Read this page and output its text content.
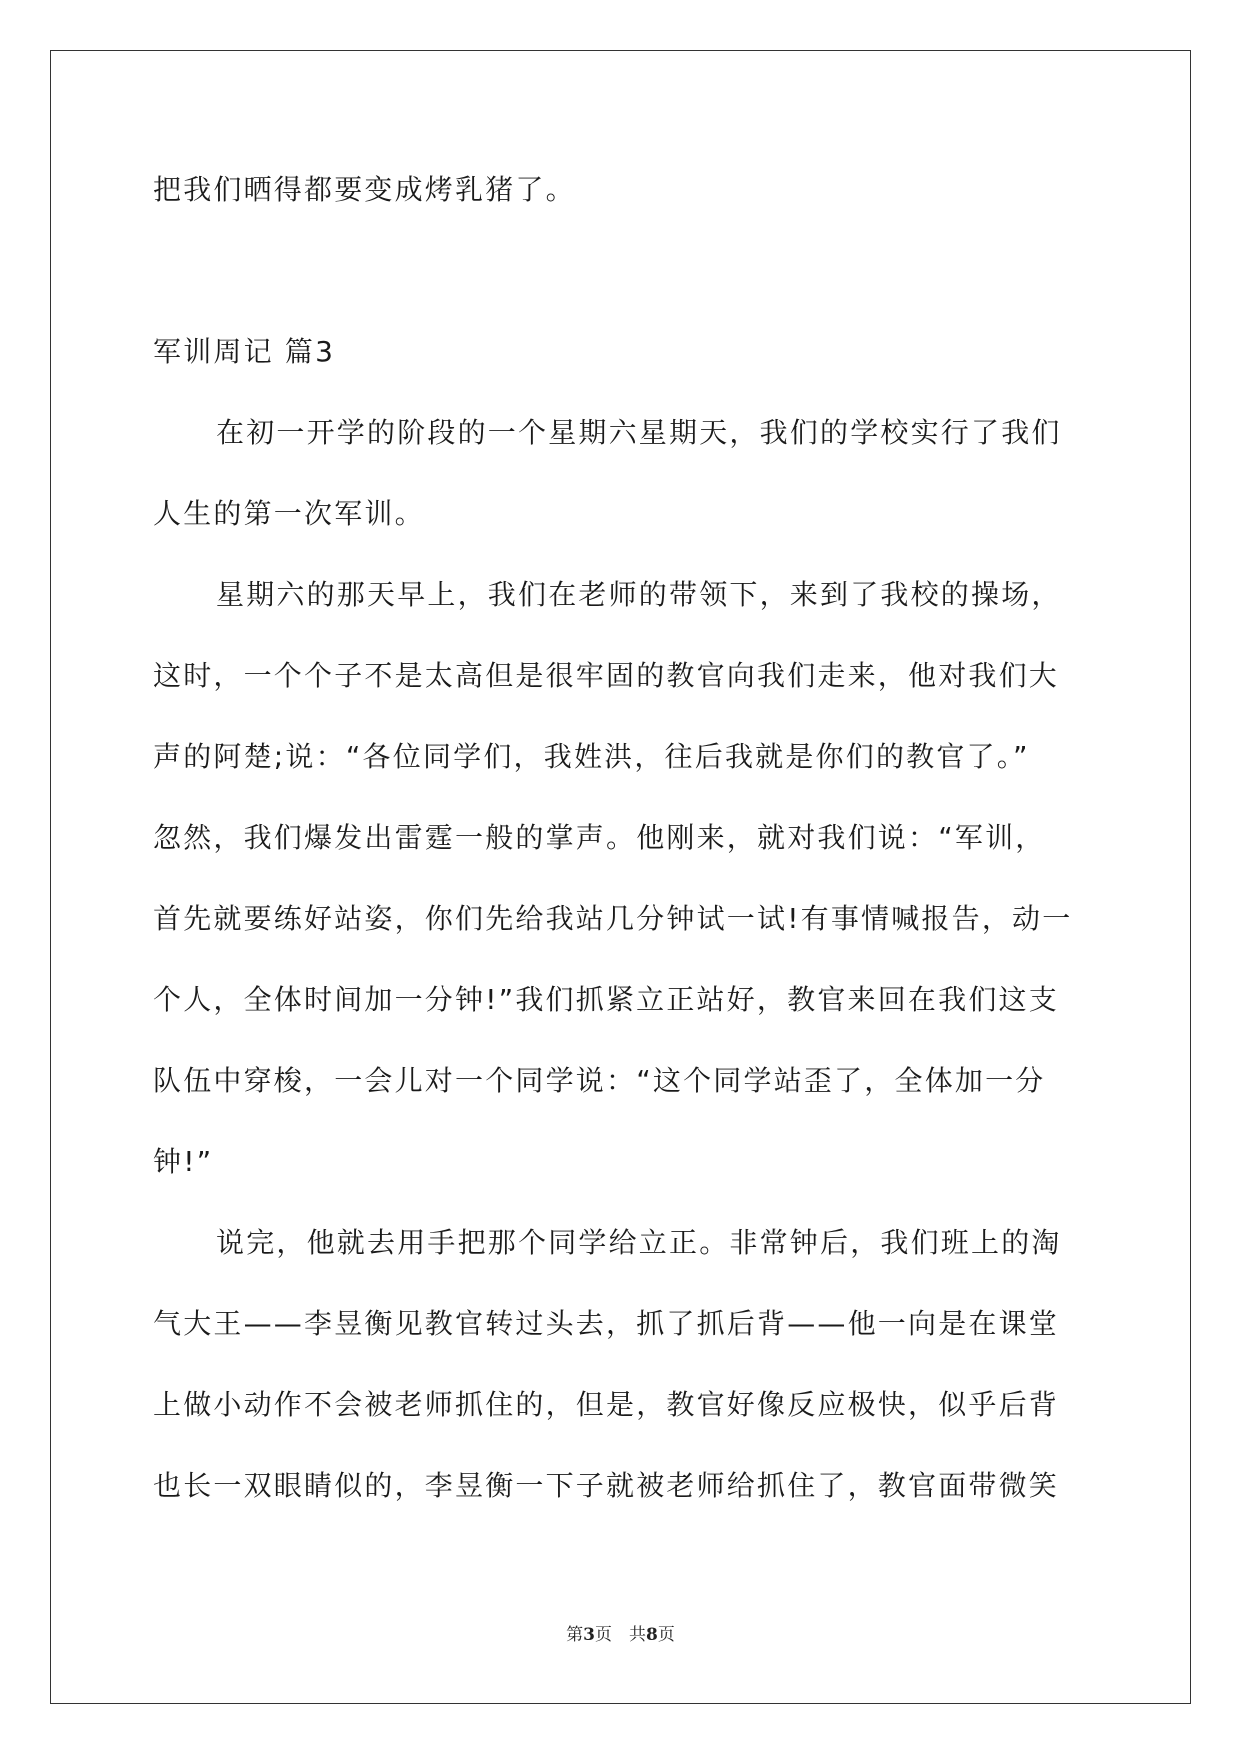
把我们晒得都要变成烤乳猪了。
军训周记 篇3
在初一开学的阶段的一个星期六星期天，我们的学校实行了我们
人生的第一次军训。
星期六的那天早上，我们在老师的带领下，来到了我校的操场，
这时，一个个子不是太高但是很牢固的教官向我们走来，他对我们大
声的阿楚;说：“各位同学们，我姓洪，往后我就是你们的教官了。”
忽然，我们爆发出雷霆一般的掌声。他刚来，就对我们说：“军训，
首先就要练好站姿，你们先给我站几分钟试一试!有事情喊报告，动一
个人，全体时间加一分钟!”我们抓紧立正站好，教官来回在我们这支
队伍中穿梭，一会儿对一个同学说：“这个同学站歪了，全体加一分
钟!”
说完，他就去用手把那个同学给立正。非常钟后，我们班上的淘
气大王——李昱衡见教官转过头去，抓了抓后背——他一向是在课堂
上做小动作不会被老师抓住的，但是，教官好像反应极快，似乎后背
也长一双眼睛似的，李昱衡一下子就被老师给抓住了，教官面带微笑
第3页　共8页
